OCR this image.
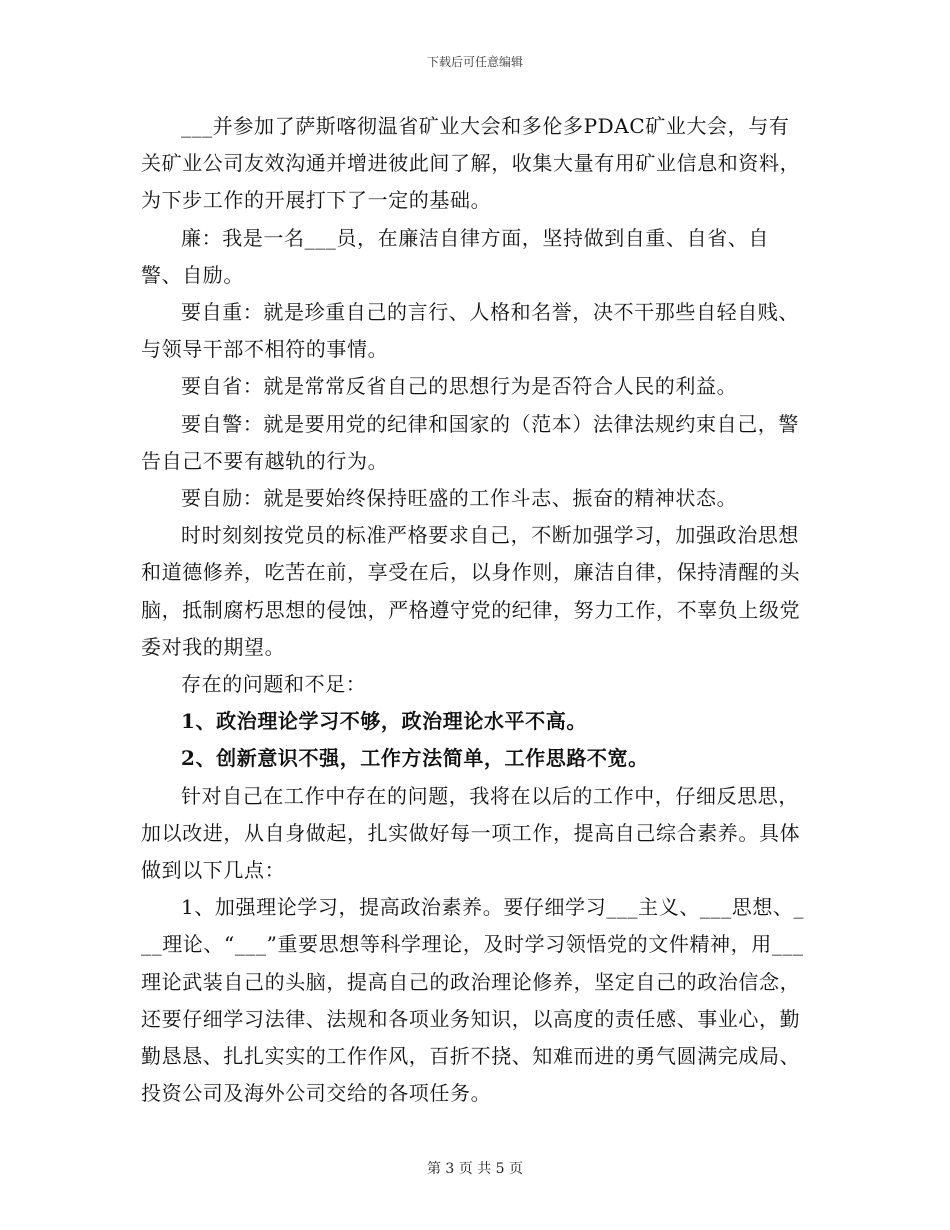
下载后可任意编辑

___并参加了萨斯喀彻温省矿业大会和多伦多PDAC矿业大会，与有关矿业公司友效沟通并增进彼此间了解，收集大量有用矿业信息和资料，为下步工作的开展打下了一定的基础。

廉：我是一名___员，在廉洁自律方面，坚持做到自重、自省、自警、自励。

要自重：就是珍重自己的言行、人格和名誉，决不干那些自轻自贱、与领导干部不相符的事情。

要自省：就是常常反省自己的思想行为是否符合人民的利益。

要自警：就是要用党的纪律和国家的（范本）法律法规约束自己，警告自己不要有越轨的行为。

要自励：就是要始终保持旺盛的工作斗志、振奋的精神状态。

时时刻刻按党员的标准严格要求自己，不断加强学习，加强政治思想和道德修养，吃苦在前，享受在后，以身作则，廉洁自律，保持清醒的头脑，抵制腐朽思想的侵蚀，严格遵守党的纪律，努力工作，不辜负上级党委对我的期望。

存在的问题和不足：

1、政治理论学习不够，政治理论水平不高。

2、创新意识不强，工作方法简单，工作思路不宽。

针对自己在工作中存在的问题，我将在以后的工作中，仔细反思思，加以改进，从自身做起，扎实做好每一项工作，提高自己综合素养。具体做到以下几点：

1、加强理论学习，提高政治素养。要仔细学习___主义、___思想、___理论、“___”重要思想等科学理论，及时学习领悟党的文件精神，用___理论武装自己的头脑，提高自己的政治理论修养，坚定自己的政治信念，还要仔细学习法律、法规和各项业务知识，以高度的责任感、事业心，勤勤恳恳、扎扎实实的工作作风，百折不挠、知难而进的勇气圆满完成局、投资公司及海外公司交给的各项任务。

第 3 页 共 5 页
